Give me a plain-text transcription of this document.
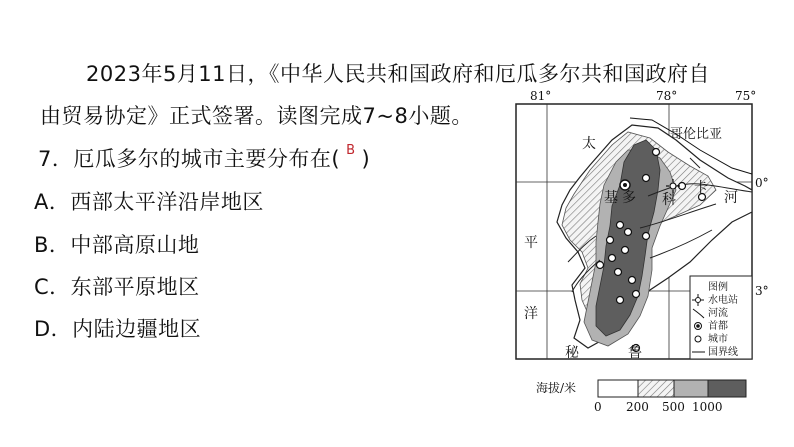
2023年5月11日，《中华人民共和国政府和厄瓜多尔共和国政府自
由贸易协定》正式签署。读图完成7~8小题。
7．厄瓜多尔的城市主要分布在( $^B$ )
A．西部太平洋沿岸地区
B．中部高原山地
C．东部平原地区
D．内陆边疆地区
81°	78°	75°
0°
3°
哥伦比亚
太
平
洋
基 多 科
卡
河
秘	鲁
图例
水电站
河流
首都
城市
国界线
海拔/米
0 200 500 1000
